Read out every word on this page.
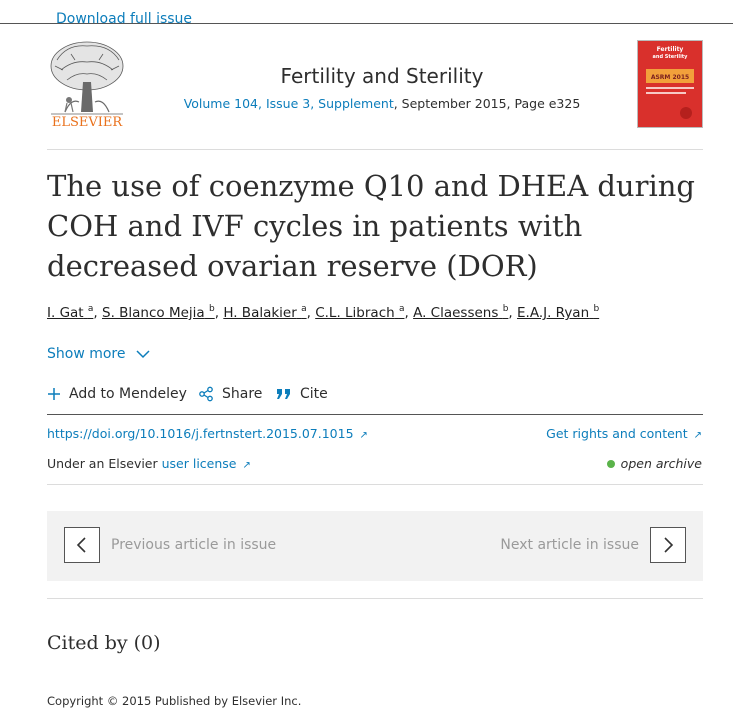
Download full issue
ELSEVIER
Fertility and Sterility
Volume 104, Issue 3, Supplement, September 2015, Page e325
Fertility
and Sterility
ASRM 2015
The use of coenzyme Q10 and DHEA during COH and IVF cycles in patients with decreased ovarian reserve (DOR)
I. Gat $^a$, S. Blanco Mejia $^b$, H. Balakier $^a$, C.L. Librach $^a$, A. Claessens $^b$, E.A.J. Ryan $^b$
Show more
Add to Mendeley	Share	Cite
https://doi.org/10.1016/j.fertnstert.2015.07.1015 ↗	Get rights and content ↗
Under an Elsevier user license ↗	open archive
Previous article in issue	Next article in issue
Cited by (0)
Copyright © 2015 Published by Elsevier Inc.
